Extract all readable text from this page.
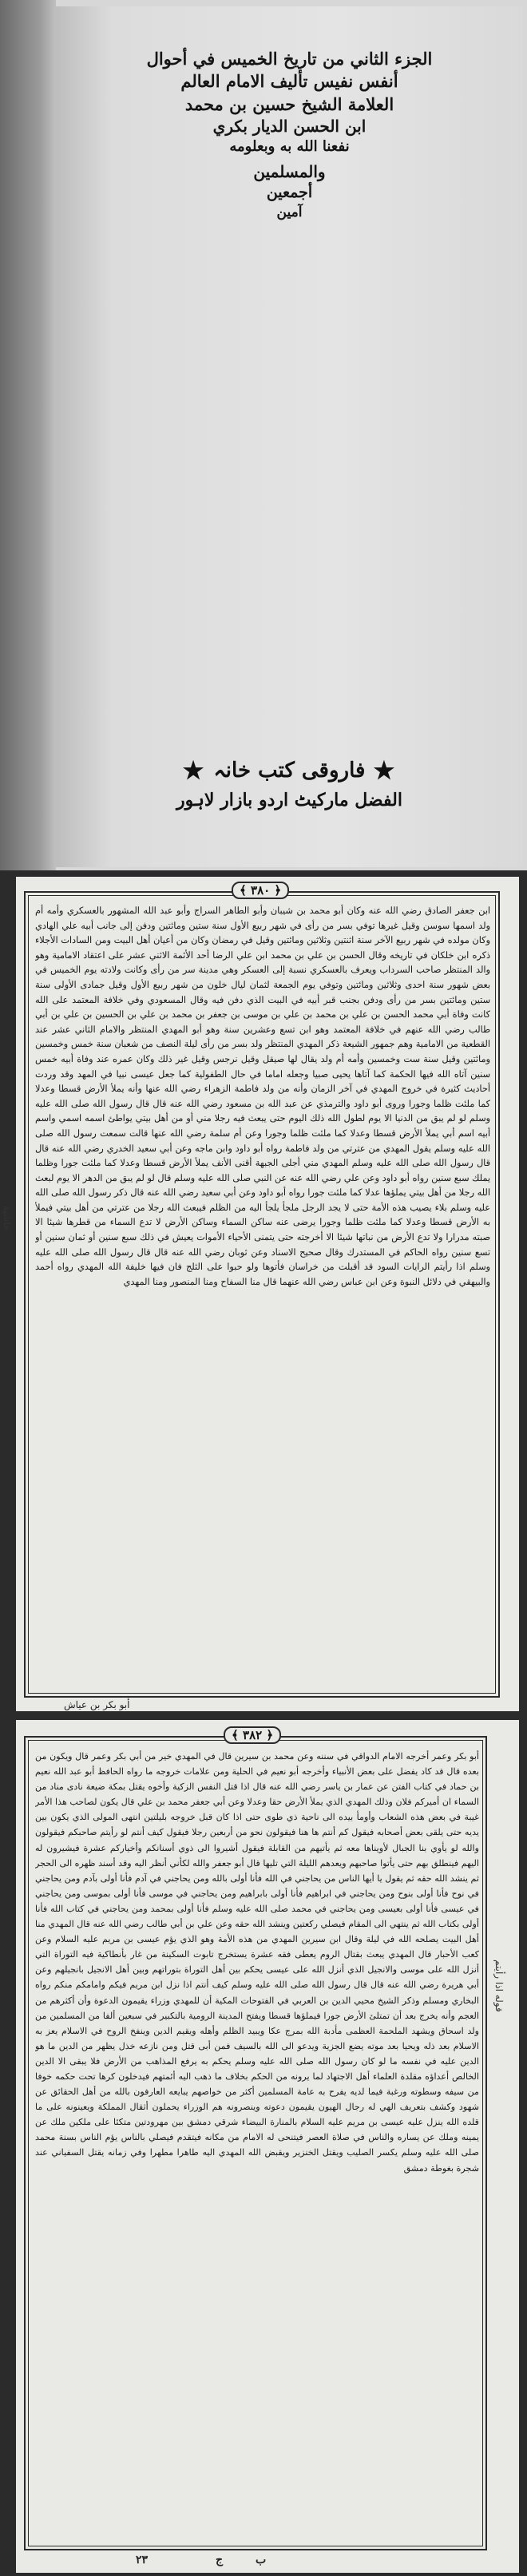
الجزء الثاني من تاريخ الخميس في أحوال
أنفس نفيس تأليف الامام العالم
العلامة الشيخ حسين بن محمد
ابن الحسن الديار بكري
نفعنا الله به وبعلومه
والمسلمين
أجمعين
آمين
★فاروقی کتب خانہ★
الفضل مارکیٹ اردو بازار لاہور
﴿ ٣٨٠ ﴾
ابن جعفر الصادق رضي الله عنه وكان أبو محمد بن شيبان وأبو الطاهر السراج وأبو عبد الله المشهور بالعسكري وأمه أم ولد اسمها سوسن وقيل غيرها توفي بسر من رأى في شهر ربيع الأول سنة ستين ومائتين ودفن إلى جانب أبيه علي الهادي وكان مولده في شهر ربيع الآخر سنة اثنتين وثلاثين ومائتين وقيل في رمضان وكان من أعيان أهل البيت ومن السادات الأجلاء ذكره ابن خلكان في تاريخه وقال الحسن بن علي بن محمد ابن علي الرضا أحد الأئمة الاثني عشر على اعتقاد الامامية وهو والد المنتظر صاحب السرداب ويعرف بالعسكري نسبة إلى العسكر وهي مدينة سر من رأى وكانت ولادته يوم الخميس في بعض شهور سنة احدى وثلاثين ومائتين وتوفي يوم الجمعة لثمان ليال خلون من شهر ربيع الأول وقيل جمادى الأولى سنة ستين ومائتين بسر من رأى ودفن بجنب قبر أبيه في البيت الذي دفن فيه وقال المسعودي وفي خلافة المعتمد على الله كانت وفاة أبي محمد الحسن بن علي بن محمد بن علي بن موسى بن جعفر بن محمد بن علي بن الحسين بن علي بن أبي طالب رضي الله عنهم في خلافة المعتمد وهو ابن تسع وعشرين سنة وهو أبو المهدي المنتظر والامام الثاني عشر عند القطعية من الامامية وهم جمهور الشيعة ذكر المهدي المنتظر ولد بسر من رأى ليلة النصف من شعبان سنة خمس وخمسين ومائتين وقيل سنة ست وخمسين وأمه أم ولد يقال لها صيقل وقيل نرجس وقيل غير ذلك وكان عمره عند وفاة أبيه خمس سنين آتاه الله فيها الحكمة كما آتاها يحيى صبيا وجعله اماما في حال الطفولية كما جعل عيسى نبيا في المهد وقد وردت أحاديث كثيرة في خروج المهدي في آخر الزمان وأنه من ولد فاطمة الزهراء رضي الله عنها وأنه يملأ الأرض قسطا وعدلا كما ملئت ظلما وجورا وروى أبو داود والترمذي عن عبد الله بن مسعود رضي الله عنه قال قال رسول الله صلى الله عليه وسلم لو لم يبق من الدنيا الا يوم لطول الله ذلك اليوم حتى يبعث فيه رجلا مني أو من أهل بيتي يواطئ اسمه اسمي واسم أبيه اسم أبي يملأ الأرض قسطا وعدلا كما ملئت ظلما وجورا وعن أم سلمة رضي الله عنها قالت سمعت رسول الله صلى الله عليه وسلم يقول المهدي من عترتي من ولد فاطمة رواه أبو داود وابن ماجه وعن أبي سعيد الخدري رضي الله عنه قال قال رسول الله صلى الله عليه وسلم المهدي مني أجلى الجبهة أقنى الأنف يملأ الأرض قسطا وعدلا كما ملئت جورا وظلما يملك سبع سنين رواه أبو داود وعن علي رضي الله عنه عن النبي صلى الله عليه وسلم قال لو لم يبق من الدهر الا يوم لبعث الله رجلا من أهل بيتي يملؤها عدلا كما ملئت جورا رواه أبو داود وعن أبي سعيد رضي الله عنه قال ذكر رسول الله صلى الله عليه وسلم بلاء يصيب هذه الأمة حتى لا يجد الرجل ملجأ يلجأ اليه من الظلم فيبعث الله رجلا من عترتي من أهل بيتي فيملأ به الأرض قسطا وعدلا كما ملئت ظلما وجورا يرضى عنه ساكن السماء وساكن الأرض لا تدع السماء من قطرها شيئا الا صبته مدرارا ولا تدع الأرض من نباتها شيئا الا أخرجته حتى يتمنى الأحياء الأموات يعيش في ذلك سبع سنين أو ثمان سنين أو تسع سنين رواه الحاكم في المستدرك وقال صحيح الاسناد وعن ثوبان رضي الله عنه قال قال رسول الله صلى الله عليه وسلم اذا رأيتم الرايات السود قد أقبلت من خراسان فأتوها ولو حبوا على الثلج فان فيها خليفة الله المهدي رواه أحمد والبيهقي في دلائل النبوة وعن ابن عباس رضي الله عنهما قال منا السفاح ومنا المنصور ومنا المهدي
أبو بكر بن عياش
حاشية
﴿ ٣٨٢ ﴾
أبو بكر وعمر أخرجه الامام الدواقي في سننه وعن محمد بن سيرين قال في المهدي خير من أبي بكر وعمر قال ويكون من بعده قال قد كاد يفضل على بعض الأنبياء وأخرجه أبو نعيم في الحلية ومن علامات خروجه ما رواه الحافظ أبو عبد الله نعيم بن حماد في كتاب الفتن عن عمار بن ياسر رضي الله عنه قال اذا قتل النفس الزكية وأخوه يقتل بمكة ضيعة نادى مناد من السماء ان أميركم فلان وذلك المهدي الذي يملأ الأرض حقا وعدلا وعن أبي جعفر محمد بن علي قال يكون لصاحب هذا الأمر غيبة في بعض هذه الشعاب وأومأ بيده الى ناحية ذي طوى حتى اذا كان قبل خروجه بليلتين انتهى المولى الذي يكون بين يديه حتى يلقى بعض أصحابه فيقول كم أنتم ها هنا فيقولون نحو من أربعين رجلا فيقول كيف أنتم لو رأيتم صاحبكم فيقولون والله لو يأوي بنا الجبال لأويناها معه ثم يأتيهم من القابلة فيقول أشيروا الى ذوي أسنانكم وأخياركم عشرة فيشيرون له اليهم فينطلق بهم حتى يأتوا صاحبهم ويعدهم الليلة التي تليها قال أبو جعفر والله لكأني أنظر اليه وقد أسند ظهره الى الحجر ثم ينشد الله حقه ثم يقول يا أيها الناس من يحاجني في الله فأنا أولى بالله ومن يحاجني في آدم فأنا أولى بآدم ومن يحاجني في نوح فأنا أولى بنوح ومن يحاجني في ابراهيم فأنا أولى بابراهيم ومن يحاجني في موسى فأنا أولى بموسى ومن يحاجني في عيسى فأنا أولى بعيسى ومن يحاجني في محمد صلى الله عليه وسلم فأنا أولى بمحمد ومن يحاجني في كتاب الله فأنا أولى بكتاب الله ثم ينتهي الى المقام فيصلي ركعتين وينشد الله حقه وعن علي بن أبي طالب رضي الله عنه قال المهدي منا أهل البيت يصلحه الله في ليلة وقال ابن سيرين المهدي من هذه الأمة وهو الذي يؤم عيسى بن مريم عليه السلام وعن كعب الأحبار قال المهدي يبعث بقتال الروم يعطى فقه عشرة يستخرج تابوت السكينة من غار بأنطاكية فيه التوراة التي أنزل الله على موسى والانجيل الذي أنزل الله على عيسى يحكم بين أهل التوراة بتوراتهم وبين أهل الانجيل بانجيلهم وعن أبي هريرة رضي الله عنه قال قال رسول الله صلى الله عليه وسلم كيف أنتم اذا نزل ابن مريم فيكم وامامكم منكم رواه البخاري ومسلم وذكر الشيخ محيي الدين بن العربي في الفتوحات المكية أن للمهدي وزراء يقيمون الدعوة وأن أكثرهم من العجم وأنه يخرج بعد أن تمتلئ الأرض جورا فيملؤها قسطا ويفتح المدينة الرومية بالتكبير في سبعين ألفا من المسلمين من ولد اسحاق ويشهد الملحمة العظمى مأدبة الله بمرج عكا ويبيد الظلم وأهله ويقيم الدين وينفخ الروح في الاسلام يعز به الاسلام بعد ذله ويحيا بعد موته يضع الجزية ويدعو الى الله بالسيف فمن أبى قتل ومن نازعه خذل يظهر من الدين ما هو الدين عليه في نفسه ما لو كان رسول الله صلى الله عليه وسلم يحكم به يرفع المذاهب من الأرض فلا يبقى الا الدين الخالص أعداؤه مقلدة العلماء أهل الاجتهاد لما يرونه من الحكم بخلاف ما ذهب اليه أئمتهم فيدخلون كرها تحت حكمه خوفا من سيفه وسطوته ورغبة فيما لديه يفرح به عامة المسلمين أكثر من خواصهم يبايعه العارفون بالله من أهل الحقائق عن شهود وكشف بتعريف الهي له رجال الهيون يقيمون دعوته وينصرونه هم الوزراء يحملون أثقال المملكة ويعينونه على ما قلده الله ينزل عليه عيسى بن مريم عليه السلام بالمنارة البيضاء شرقي دمشق بين مهرودتين متكئا على ملكين ملك عن يمينه وملك عن يساره والناس في صلاة العصر فيتنحى له الامام من مكانه فيتقدم فيصلي بالناس يؤم الناس بسنة محمد صلى الله عليه وسلم يكسر الصليب ويقتل الخنزير ويقبض الله المهدي اليه طاهرا مطهرا وفي زمانه يقتل السفياني عند شجرة بغوطة دمشق
٢٣	ج	ب
قوله اذا رأيتم
